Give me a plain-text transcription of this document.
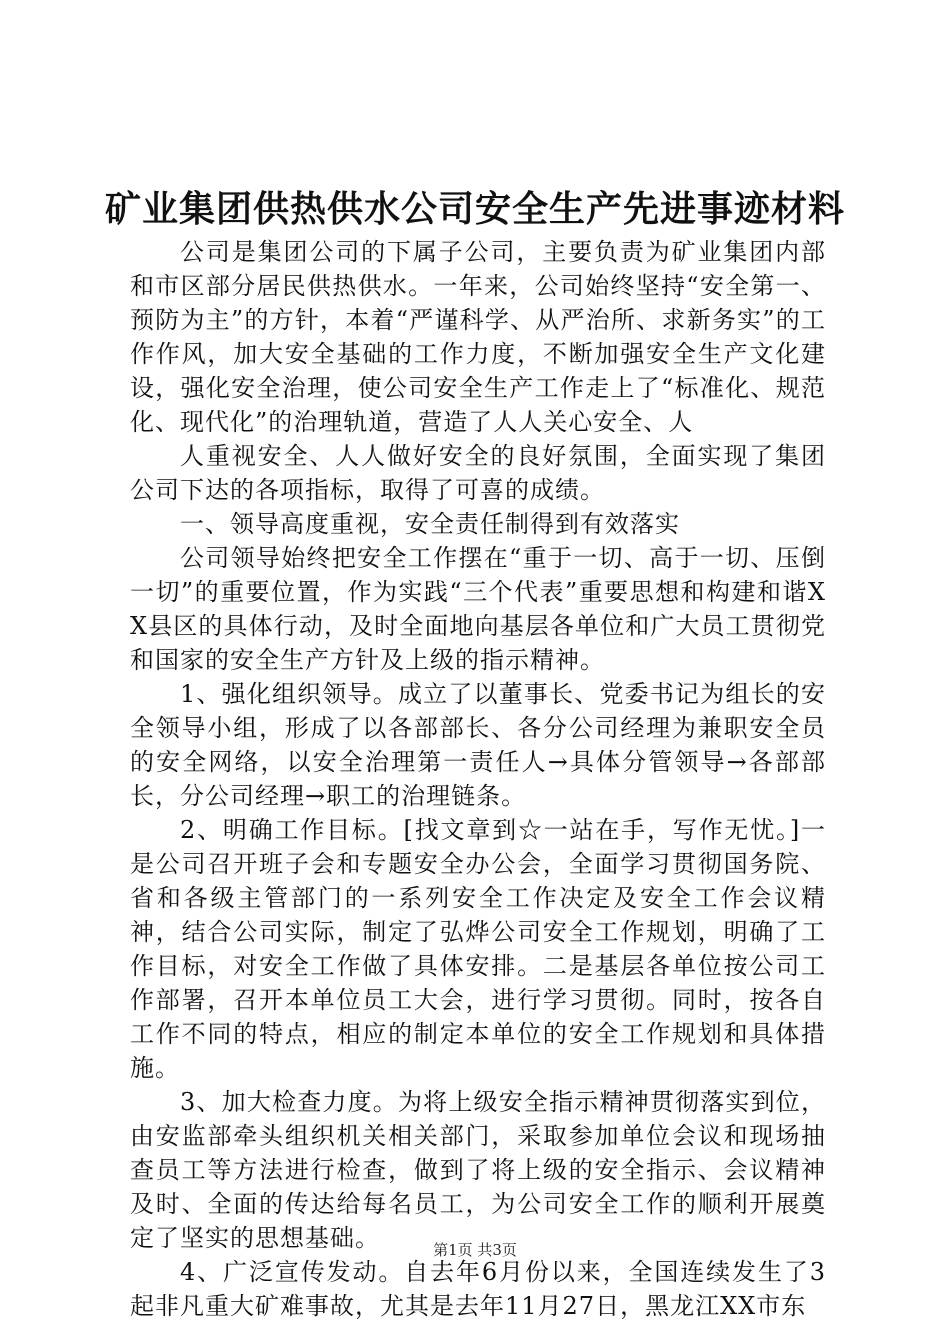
矿业集团供热供水公司安全生产先进事迹材料

公司是集团公司的下属子公司，主要负责为矿业集团内部和市区部分居民供热供水。一年来，公司始终坚持“安全第一、预防为主”的方针，本着“严谨科学、从严治所、求新务实”的工作作风，加大安全基础的工作力度，不断加强安全生产文化建设，强化安全治理，使公司安全生产工作走上了“标准化、规范化、现代化”的治理轨道，营造了人人关心安全、人

人重视安全、人人做好安全的良好氛围，全面实现了集团公司下达的各项指标，取得了可喜的成绩。

一、领导高度重视，安全责任制得到有效落实

公司领导始终把安全工作摆在“重于一切、高于一切、压倒一切”的重要位置，作为实践“三个代表”重要思想和构建和谐XX县区的具体行动，及时全面地向基层各单位和广大员工贯彻党和国家的安全生产方针及上级的指示精神。

1、强化组织领导。成立了以董事长、党委书记为组长的安全领导小组，形成了以各部部长、各分公司经理为兼职安全员的安全网络，以安全治理第一责任人→具体分管领导→各部部长，分公司经理→职工的治理链条。

2、明确工作目标。[找文章到☆一站在手，写作无忧。]一是公司召开班子会和专题安全办公会，全面学习贯彻国务院、省和各级主管部门的一系列安全工作决定及安全工作会议精神，结合公司实际，制定了弘烨公司安全工作规划，明确了工作目标，对安全工作做了具体安排。二是基层各单位按公司工作部署，召开本单位员工大会，进行学习贯彻。同时，按各自工作不同的特点，相应的制定本单位的安全工作规划和具体措施。

3、加大检查力度。为将上级安全指示精神贯彻落实到位，由安监部牵头组织机关相关部门，采取参加单位会议和现场抽查员工等方法进行检查，做到了将上级的安全指示、会议精神及时、全面的传达给每名员工，为公司安全工作的顺利开展奠定了坚实的思想基础。

4、广泛宣传发动。自去年6月份以来，全国连续发生了3起非凡重大矿难事故，尤其是去年11月27日，黑龙江XX市东

第1页 共3页
